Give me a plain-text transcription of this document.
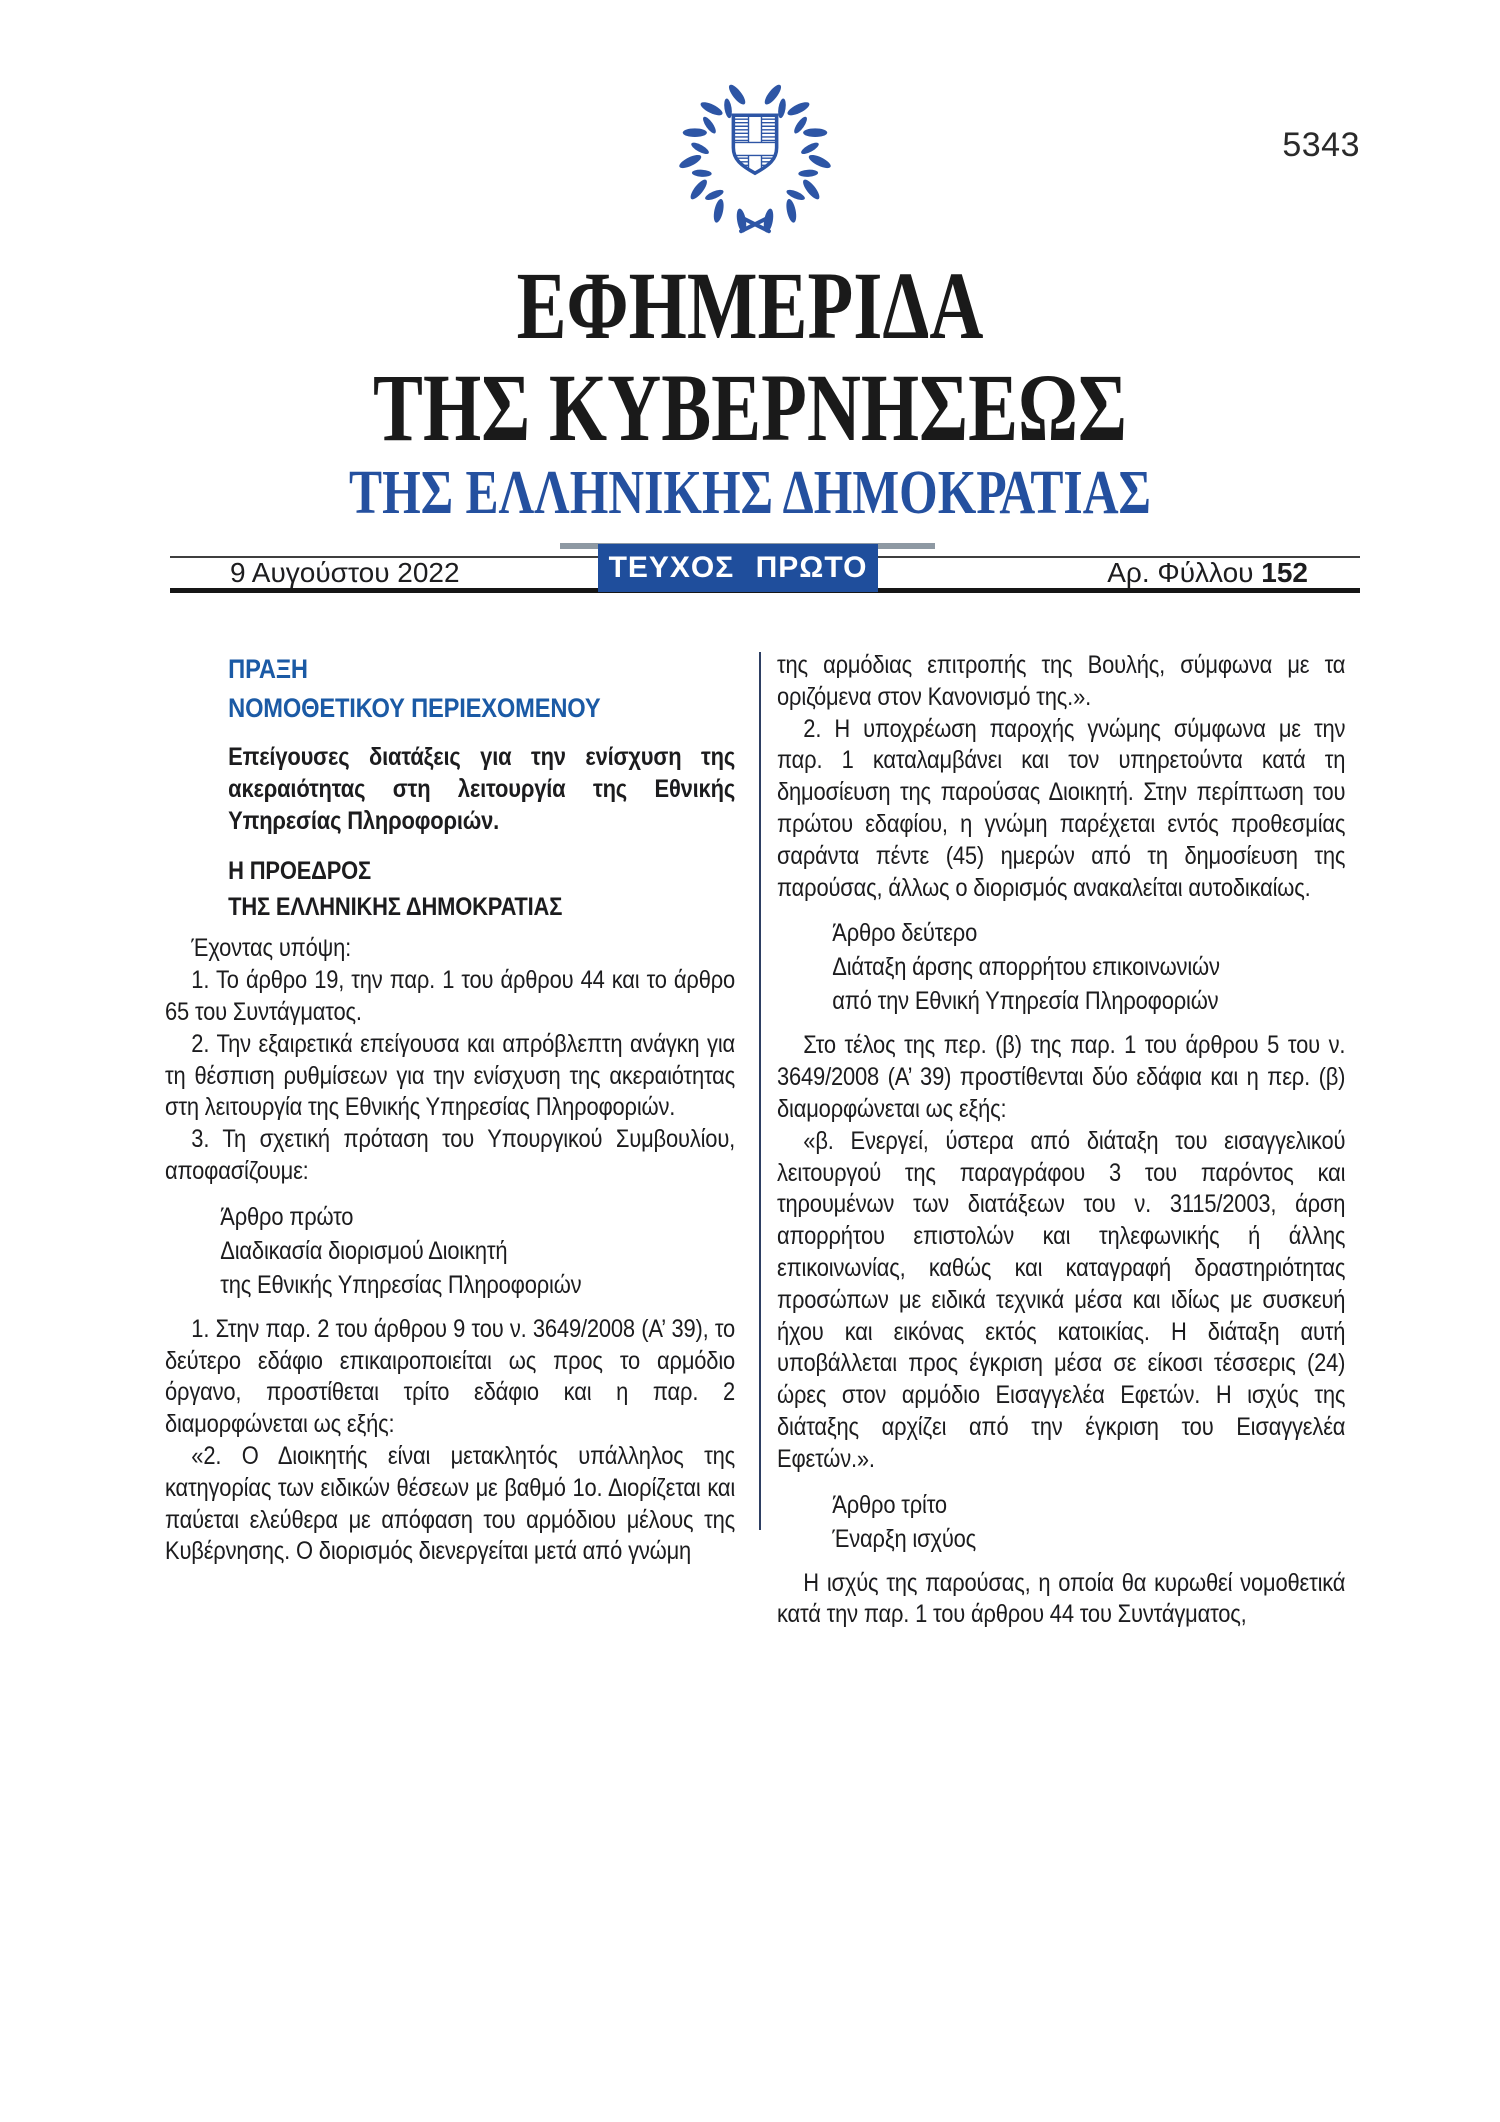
5343
ΕΦΗΜΕΡΙΔΑ
ΤΗΣ ΚΥΒΕΡΝΗΣΕΩΣ
ΤΗΣ ΕΛΛΗΝΙΚΗΣ ΔΗΜΟΚΡΑΤΙΑΣ
9 Αυγούστου 2022	ΤΕΥΧΟΣ ΠΡΩΤΟ	Αρ. Φύλλου 152
ΠΡΑΞΗ
ΝΟΜΟΘΕΤΙΚΟΥ ΠΕΡΙΕΧΟΜΕΝΟΥ
Επείγουσες διατάξεις για την ενίσχυση της ακεραιότητας στη λειτουργία της Εθνικής Υπηρεσίας Πληροφοριών.
Η ΠΡΟΕΔΡΟΣ
ΤΗΣ ΕΛΛΗΝΙΚΗΣ ΔΗΜΟΚΡΑΤΙΑΣ
Έχοντας υπόψη:
1. Το άρθρο 19, την παρ. 1 του άρθρου 44 και το άρθρο 65 του Συντάγματος.
2. Την εξαιρετικά επείγουσα και απρόβλεπτη ανάγκη για τη θέσπιση ρυθμίσεων για την ενίσχυση της ακεραιότητας στη λειτουργία της Εθνικής Υπηρεσίας Πληροφοριών.
3. Τη σχετική πρόταση του Υπουργικού Συμβουλίου, αποφασίζουμε:
Άρθρο πρώτο
Διαδικασία διορισμού Διοικητή
της Εθνικής Υπηρεσίας Πληροφοριών
1. Στην παρ. 2 του άρθρου 9 του ν. 3649/2008 (Α’ 39), το δεύτερο εδάφιο επικαιροποιείται ως προς το αρμόδιο όργανο, προστίθεται τρίτο εδάφιο και η παρ. 2 διαμορφώνεται ως εξής:
«2. Ο Διοικητής είναι μετακλητός υπάλληλος της κατηγορίας των ειδικών θέσεων με βαθμό 1ο. Διορίζεται και παύεται ελεύθερα με απόφαση του αρμόδιου μέλους της Κυβέρνησης. Ο διορισμός διενεργείται μετά από γνώμη
της αρμόδιας επιτροπής της Βουλής, σύμφωνα με τα οριζόμενα στον Κανονισμό της.».
2. Η υποχρέωση παροχής γνώμης σύμφωνα με την παρ. 1 καταλαμβάνει και τον υπηρετούντα κατά τη δημοσίευση της παρούσας Διοικητή. Στην περίπτωση του πρώτου εδαφίου, η γνώμη παρέχεται εντός προθεσμίας σαράντα πέντε (45) ημερών από τη δημοσίευση της παρούσας, άλλως ο διορισμός ανακαλείται αυτοδικαίως.
Άρθρο δεύτερο
Διάταξη άρσης απορρήτου επικοινωνιών
από την Εθνική Υπηρεσία Πληροφοριών
Στο τέλος της περ. (β) της παρ. 1 του άρθρου 5 του ν. 3649/2008 (Α’ 39) προστίθενται δύο εδάφια και η περ. (β) διαμορφώνεται ως εξής:
«β. Ενεργεί, ύστερα από διάταξη του εισαγγελικού λειτουργού της παραγράφου 3 του παρόντος και τηρουμένων των διατάξεων του ν. 3115/2003, άρση απορρήτου επιστολών και τηλεφωνικής ή άλλης επικοινωνίας, καθώς και καταγραφή δραστηριότητας προσώπων με ειδικά τεχνικά μέσα και ιδίως με συσκευή ήχου και εικόνας εκτός κατοικίας. Η διάταξη αυτή υποβάλλεται προς έγκριση μέσα σε είκοσι τέσσερις (24) ώρες στον αρμόδιο Εισαγγελέα Εφετών. Η ισχύς της διάταξης αρχίζει από την έγκριση του Εισαγγελέα Εφετών.».
Άρθρο τρίτο
Έναρξη ισχύος
Η ισχύς της παρούσας, η οποία θα κυρωθεί νομοθετικά κατά την παρ. 1 του άρθρου 44 του Συντάγματος,
